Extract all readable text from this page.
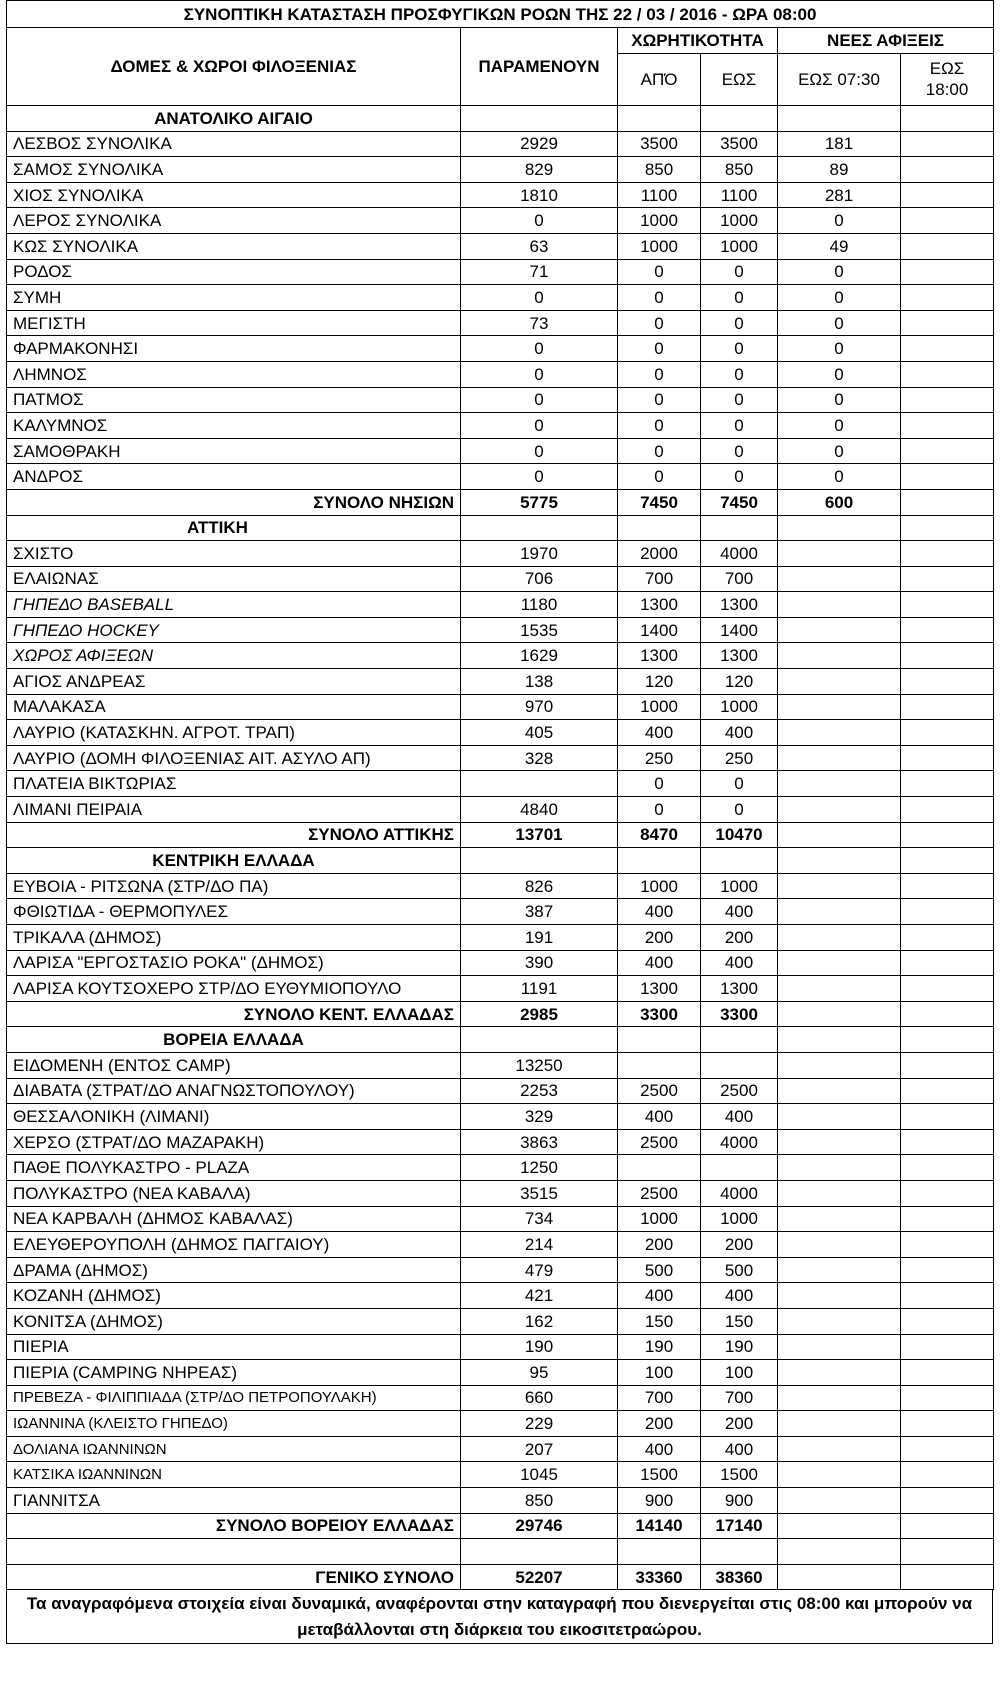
ΣΥΝΟΠΤΙΚΗ ΚΑΤΑΣΤΑΣΗ ΠΡΟΣΦΥΓΙΚΩΝ ΡΟΩΝ ΤΗΣ 22 / 03 / 2016 - ΩΡΑ 08:00					
ΔΟΜΕΣ & ΧΩΡΟΙ ΦΙΛΟΞΕΝΙΑΣ	ΠΑΡΑΜΕΝΟΥΝ	ΧΩΡΗΤΙΚΟΤΗΤΑ		ΝΕΕΣ ΑΦΙΞΕΙΣ	
		ΑΠΌ	ΕΩΣ	ΕΩΣ 07:30	ΕΩΣ 18:00
ΑΝΑΤΟΛΙΚΟ ΑΙΓΑΙΟ					
ΛΕΣΒΟΣ ΣΥΝΟΛΙΚΑ	2929	3500	3500	181	
ΣΑΜΟΣ ΣΥΝΟΛΙΚΑ	829	850	850	89	
ΧΙΟΣ ΣΥΝΟΛΙΚΑ	1810	1100	1100	281	
ΛΕΡΟΣ ΣΥΝΟΛΙΚΑ	0	1000	1000	0	
ΚΩΣ ΣΥΝΟΛΙΚΑ	63	1000	1000	49	
ΡΟΔΟΣ	71	0	0	0	
ΣΥΜΗ	0	0	0	0	
ΜΕΓΙΣΤΗ	73	0	0	0	
ΦΑΡΜΑΚΟΝΗΣΙ	0	0	0	0	
ΛΗΜΝΟΣ	0	0	0	0	
ΠΑΤΜΟΣ	0	0	0	0	
ΚΑΛΥΜΝΟΣ	0	0	0	0	
ΣΑΜΟΘΡΑΚΗ	0	0	0	0	
ΑΝΔΡΟΣ	0	0	0	0	
ΣΥΝΟΛΟ ΝΗΣΙΩΝ	5775	7450	7450	600	
ΑΤΤΙΚΗ					
ΣΧΙΣΤΟ	1970	2000	4000		
ΕΛΑΙΩΝΑΣ	706	700	700		
ΓΗΠΕΔΟ BASEBALL	1180	1300	1300		
ΓΗΠΕΔΟ HOCKEY	1535	1400	1400		
ΧΩΡΟΣ ΑΦΙΞΕΩΝ	1629	1300	1300		
ΑΓΙΟΣ ΑΝΔΡΕΑΣ	138	120	120		
ΜΑΛΑΚΑΣΑ	970	1000	1000		
ΛΑΥΡΙΟ (ΚΑΤΑΣΚΗΝ. ΑΓΡΟΤ. ΤΡΑΠ)	405	400	400		
ΛΑΥΡΙΟ (ΔΟΜΗ ΦΙΛΟΞΕΝΙΑΣ ΑΙΤ. ΑΣΥΛΟ ΑΠ)	328	250	250		
ΠΛΑΤΕΙΑ ΒΙΚΤΩΡΙΑΣ		0	0		
ΛΙΜΑΝΙ ΠΕΙΡΑΙΑ	4840	0	0		
ΣΥΝΟΛΟ ΑΤΤΙΚΗΣ	13701	8470	10470		
ΚΕΝΤΡΙΚΗ ΕΛΛΑΔΑ					
ΕΥΒΟΙΑ - ΡΙΤΣΩΝΑ (ΣΤΡ/ΔΟ ΠΑ)	826	1000	1000		
ΦΘΙΩΤΙΔΑ - ΘΕΡΜΟΠΥΛΕΣ	387	400	400		
ΤΡΙΚΑΛΑ (ΔΗΜΟΣ)	191	200	200		
ΛΑΡΙΣΑ "ΕΡΓΟΣΤΑΣΙΟ ΡΟΚΑ" (ΔΗΜΟΣ)	390	400	400		
ΛΑΡΙΣΑ ΚΟΥΤΣΟΧΕΡΟ ΣΤΡ/ΔΟ ΕΥΘΥΜΙΟΠΟΥΛΟ	1191	1300	1300		
ΣΥΝΟΛΟ ΚΕΝΤ. ΕΛΛΑΔΑΣ	2985	3300	3300		
ΒΟΡΕΙΑ ΕΛΛΑΔΑ					
ΕΙΔΟΜΕΝΗ (ΕΝΤΟΣ CAMP)	13250				
ΔΙΑΒΑΤΑ (ΣΤΡΑΤ/ΔΟ ΑΝΑΓΝΩΣΤΟΠΟΥΛΟΥ)	2253	2500	2500		
ΘΕΣΣΑΛΟΝΙΚΗ (ΛΙΜΑΝΙ)	329	400	400		
ΧΕΡΣΟ (ΣΤΡΑΤ/ΔΟ ΜΑΖΑΡΑΚΗ)	3863	2500	4000		
ΠΑΘΕ ΠΟΛΥΚΑΣΤΡΟ - PLAZA	1250				
ΠΟΛΥΚΑΣΤΡΟ (ΝΕΑ ΚΑΒΑΛΑ)	3515	2500	4000		
ΝΕΑ ΚΑΡΒΑΛΗ (ΔΗΜΟΣ ΚΑΒΑΛΑΣ)	734	1000	1000		
ΕΛΕΥΘΕΡΟΥΠΟΛΗ (ΔΗΜΟΣ ΠΑΓΓΑΙΟΥ)	214	200	200		
ΔΡΑΜΑ (ΔΗΜΟΣ)	479	500	500		
ΚΟΖΑΝΗ (ΔΗΜΟΣ)	421	400	400		
ΚΟΝΙΤΣΑ (ΔΗΜΟΣ)	162	150	150		
ΠΙΕΡΙΑ	190	190	190		
ΠΙΕΡΙΑ (CAMPING ΝΗΡΕΑΣ)	95	100	100		
ΠΡΕΒΕΖΑ - ΦΙΛΙΠΠΙΑΔΑ (ΣΤΡ/ΔΟ ΠΕΤΡΟΠΟΥΛΑΚΗ)	660	700	700		
ΙΩΑΝΝΙΝΑ (ΚΛΕΙΣΤΟ ΓΗΠΕΔΟ)	229	200	200		
ΔΟΛΙΑΝΑ ΙΩΑΝΝΙΝΩΝ	207	400	400		
ΚΑΤΣΙΚΑ ΙΩΑΝΝΙΝΩΝ	1045	1500	1500		
ΓΙΑΝΝΙΤΣΑ	850	900	900		
ΣΥΝΟΛΟ ΒΟΡΕΙΟΥ ΕΛΛΑΔΑΣ	29746	14140	17140		

ΓΕΝΙΚΟ ΣΥΝΟΛΟ	52207	33360	38360		
Τα αναγραφόμενα στοιχεία είναι δυναμικά, αναφέρονται στην καταγραφή που διενεργείται στις 08:00 και μπορούν να μεταβάλλονται στη διάρκεια του εικοσιτετραώρου.
